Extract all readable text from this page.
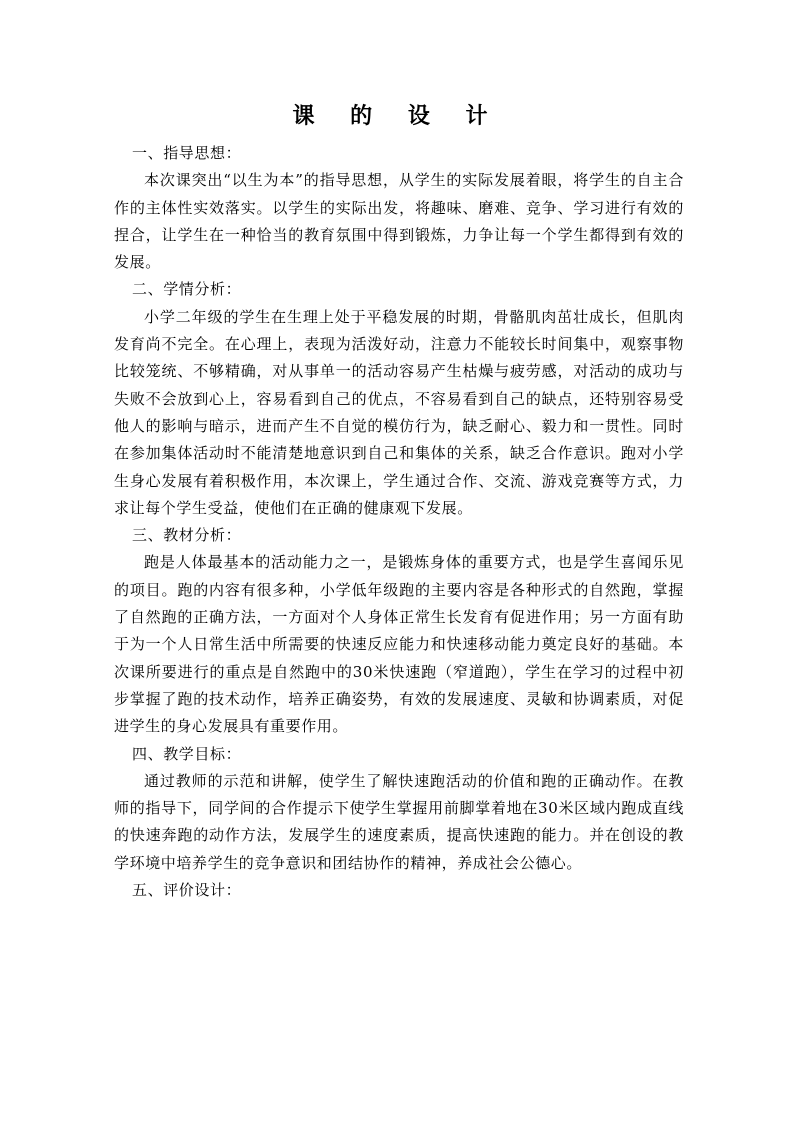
课 的 设 计

一、指导思想：

本次课突出“以生为本”的指导思想，从学生的实际发展着眼，将学生的自主合作的主体性实效落实。以学生的实际出发，将趣味、磨难、竞争、学习进行有效的捏合，让学生在一种恰当的教育氛围中得到锻炼，力争让每一个学生都得到有效的发展。

二、学情分析：

小学二年级的学生在生理上处于平稳发展的时期，骨骼肌肉茁壮成长，但肌肉发育尚不完全。在心理上，表现为活泼好动，注意力不能较长时间集中，观察事物比较笼统、不够精确，对从事单一的活动容易产生枯燥与疲劳感，对活动的成功与失败不会放到心上，容易看到自己的优点，不容易看到自己的缺点，还特别容易受他人的影响与暗示，进而产生不自觉的模仿行为，缺乏耐心、毅力和一贯性。同时在参加集体活动时不能清楚地意识到自己和集体的关系，缺乏合作意识。跑对小学生身心发展有着积极作用，本次课上，学生通过合作、交流、游戏竞赛等方式，力求让每个学生受益，使他们在正确的健康观下发展。

三、教材分析：

跑是人体最基本的活动能力之一，是锻炼身体的重要方式，也是学生喜闻乐见的项目。跑的内容有很多种，小学低年级跑的主要内容是各种形式的自然跑，掌握了自然跑的正确方法，一方面对个人身体正常生长发育有促进作用；另一方面有助于为一个人日常生活中所需要的快速反应能力和快速移动能力奠定良好的基础。本次课所要进行的重点是自然跑中的30米快速跑（窄道跑），学生在学习的过程中初步掌握了跑的技术动作，培养正确姿势，有效的发展速度、灵敏和协调素质，对促进学生的身心发展具有重要作用。

四、教学目标：

通过教师的示范和讲解，使学生了解快速跑活动的价值和跑的正确动作。在教师的指导下，同学间的合作提示下使学生掌握用前脚掌着地在30米区域内跑成直线的快速奔跑的动作方法，发展学生的速度素质，提高快速跑的能力。并在创设的教学环境中培养学生的竞争意识和团结协作的精神，养成社会公德心。

五、评价设计：
